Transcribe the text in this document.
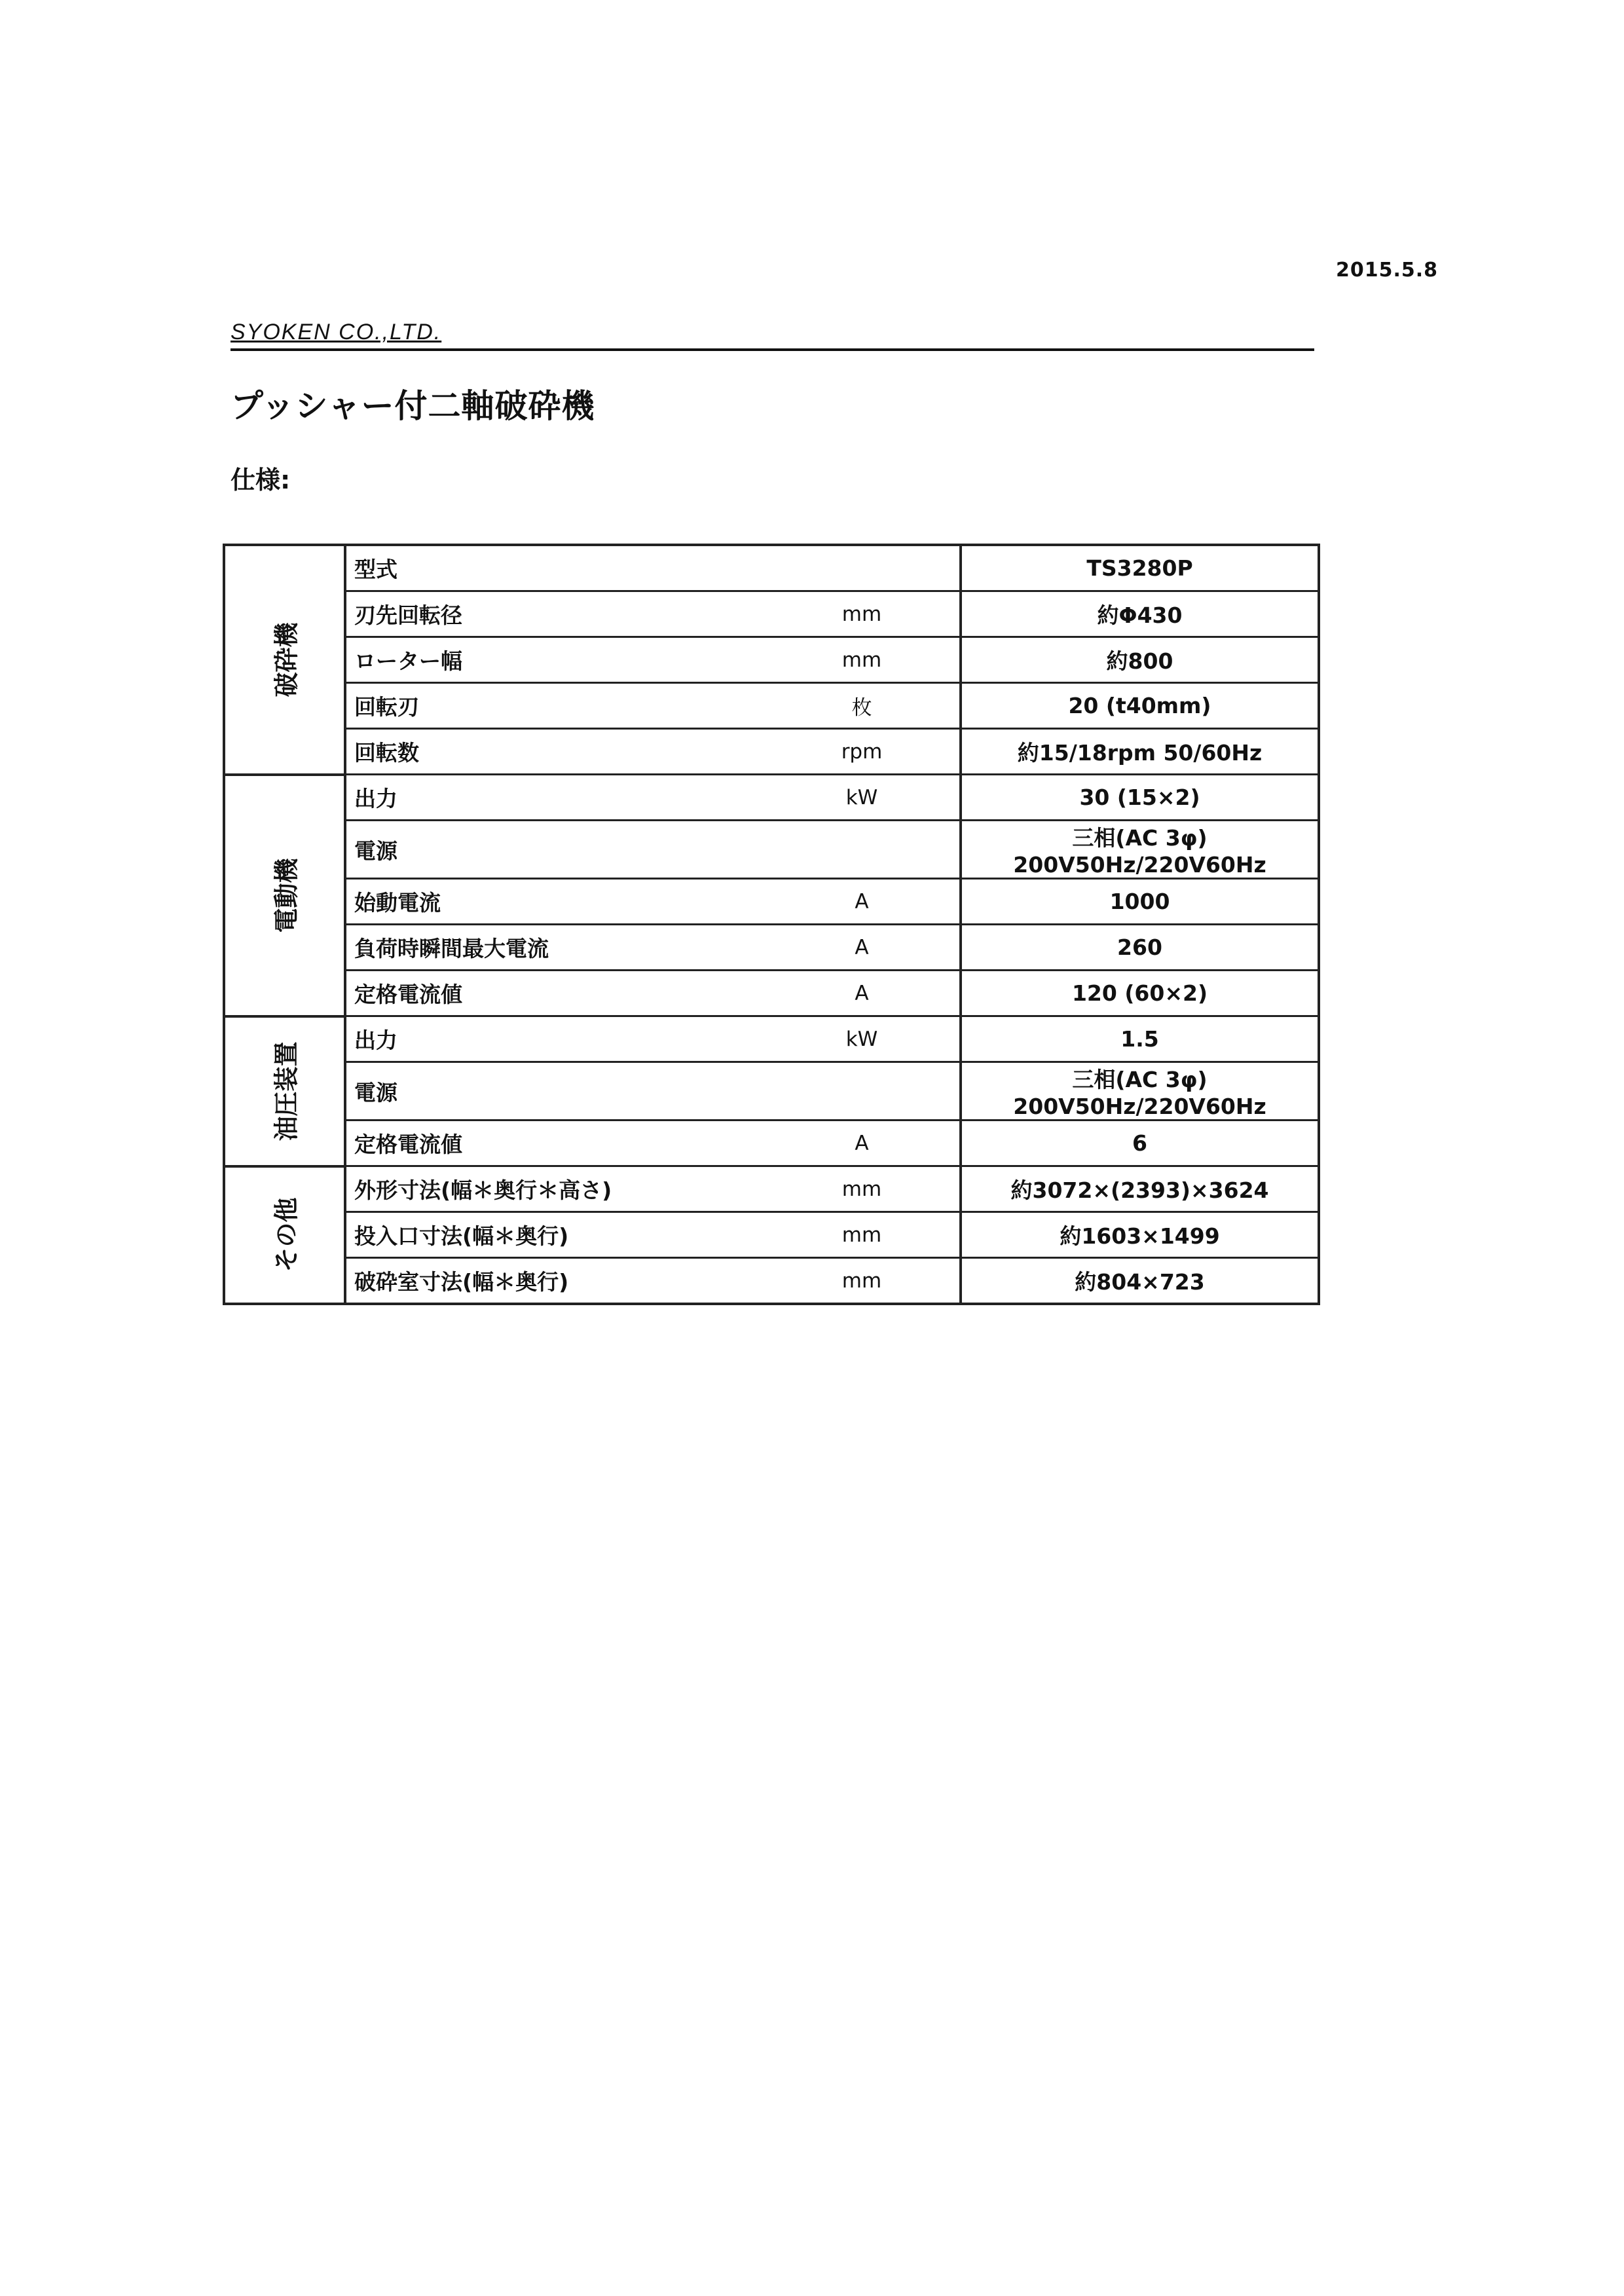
2015.5.8
SYOKEN CO.,LTD.
プッシャー付二軸破砕機
仕様:
破砕機	型式		TS3280P
	刃先回転径	mm	約Φ430
	ローター幅	mm	約800
	回転刃	枚	20 (t40mm)
	回転数	rpm	約15/18rpm 50/60Hz
電動機	出力	kW	30 (15×2)
	電源		三相(AC 3φ) 200V50Hz/220V60Hz
	始動電流	A	1000
	負荷時瞬間最大電流	A	260
	定格電流値	A	120 (60×2)
油圧装置	出力	kW	1.5
	電源		三相(AC 3φ) 200V50Hz/220V60Hz
	定格電流値	A	6
その他	外形寸法(幅＊奥行＊高さ)	mm	約3072×(2393)×3624
	投入口寸法(幅＊奥行)	mm	約1603×1499
	破砕室寸法(幅＊奥行)	mm	約804×723
